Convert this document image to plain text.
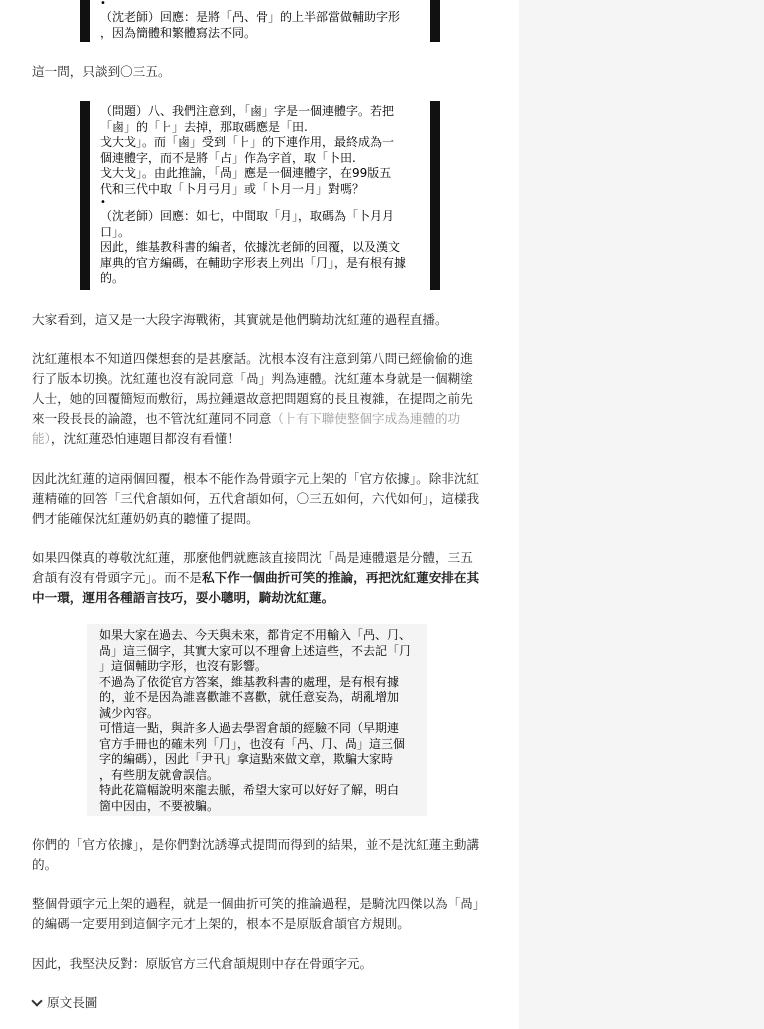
•
（沈老師）回應：是將「冎、骨」的上半部當做輔助字形
，因為簡體和繁體寫法不同。

這一問，只談到〇三五。

（問題）八、我們注意到，「鹵」字是一個連體字。若把
「鹵」的「⺊」去掉，那取碼應是「田.
戈大戈」。而「鹵」受到「⺊」的下連作用，最終成為一
個連體字，而不是將「占」作為字首，取「卜田.
戈大戈」。由此推論，「咼」應是一個連體字，在99版五
代和三代中取「卜月弓月」或「卜月一月」對嗎？
•
（沈老師）回應：如七，中間取「月」，取碼為「卜月月
口」。
因此，維基教科書的編者，依據沈老師的回覆，以及漢文
庫典的官方編碼，在輔助字形表上列出「⺆」，是有根有據
的。

大家看到，這又是一大段字海戰術，其實就是他們騎劫沈紅蓮的過程直播。

沈紅蓮根本不知道四傑想套的是甚麼話。沈根本沒有注意到第八問已經偷偷的進行了版本切換。沈紅蓮也沒有說同意「咼」判為連體。沈紅蓮本身就是一個糊塗人士，她的回覆簡短而敷衍，馬拉鍾還故意把問題寫的長且複雜，在提問之前先來一段長長的論證，也不管沈紅蓮同不同意（⺊有下聯使整個字成為連體的功能），沈紅蓮恐怕連題目都沒有看懂！

因此沈紅蓮的這兩個回覆，根本不能作為骨頭字元上架的「官方依據」。除非沈紅蓮精確的回答「三代倉頡如何，五代倉頡如何，〇三五如何，六代如何」，這樣我們才能確保沈紅蓮奶奶真的聽懂了提問。

如果四傑真的尊敬沈紅蓮，那麼他們就應該直接問沈「咼是連體還是分體，三五倉頡有沒有骨頭字元」。而不是私下作一個曲折可笑的推論，再把沈紅蓮安排在其中一環，運用各種語言技巧，耍小聰明，騎劫沈紅蓮。

如果大家在過去、今天與未來，都肯定不用輸入「冎、⺆、
咼」這三個字，其實大家可以不理會上述這些，不去記「⺆
」這個輔助字形，也沒有影響。
不過為了依從官方答案，維基教科書的處理，是有根有據
的，並不是因為誰喜歡誰不喜歡，就任意妄為，胡亂增加
減少內容。
可惜這一點，與許多人過去學習倉頡的經驗不同（早期連
官方手冊也的確未列「⺆」，也沒有「冎、⺆、咼」這三個
字的編碼），因此「尹卂」拿這點來做文章，欺騙大家時
，有些朋友就會誤信。
特此花篇幅說明來龍去脈，希望大家可以好好了解，明白
箇中因由，不要被騙。

你們的「官方依據」，是你們對沈誘導式提問而得到的結果，並不是沈紅蓮主動講的。

整個骨頭字元上架的過程，就是一個曲折可笑的推論過程，是騎沈四傑以為「咼」的編碼一定要用到這個字元才上架的，根本不是原版倉頡官方規則。

因此，我堅決反對：原版官方三代倉頡規則中存在骨頭字元。

原文長圖
